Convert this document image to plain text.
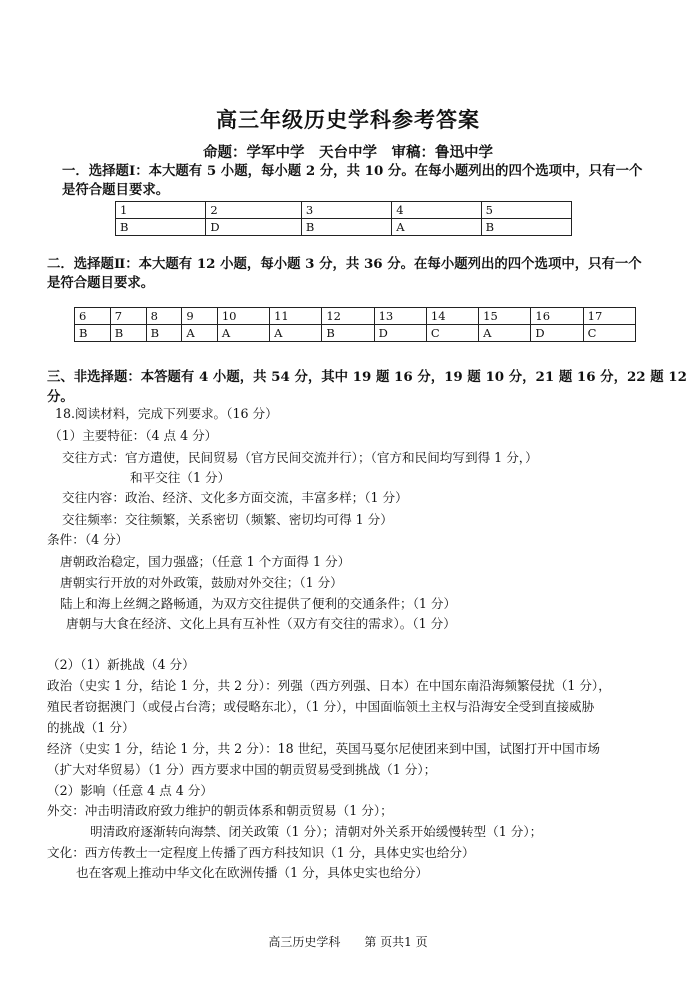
高三年级历史学科参考答案
命题：学军中学　天台中学　审稿：鲁迅中学
一．选择题Ⅰ：本大题有 5 小题，每小题 2 分，共 10 分。在每小题列出的四个选项中，只有一个
是符合题目要求。
1	2	3	4	5
B	D	B	A	B
二．选择题Ⅱ：本大题有 12 小题，每小题 3 分，共 36 分。在每小题列出的四个选项中，只有一个
是符合题目要求。
6	7	8	9	10	11	12	13	14	15	16	17
B	B	B	A	A	A	B	D	C	A	D	C
三、非选择题：本答题有 4 小题，共 54 分，其中 19 题 16 分，19 题 10 分，21 题 16 分，22 题 12
分。
18.阅读材料，完成下列要求。（16 分）
（1）主要特征：（4 点 4 分）
交往方式：官方遣使，民间贸易（官方民间交流并行）；（官方和民间均写到得 1 分，）
和平交往（1 分）
交往内容：政治、经济、文化多方面交流，丰富多样；（1 分）
交往频率：交往频繁，关系密切（频繁、密切均可得 1 分）
条件：（4 分）
唐朝政治稳定，国力强盛；（任意 1 个方面得 1 分）
唐朝实行开放的对外政策，鼓励对外交往；（1 分）
陆上和海上丝绸之路畅通，为双方交往提供了便利的交通条件；（1 分）
唐朝与大食在经济、文化上具有互补性（双方有交往的需求）。（1 分）
（2）（1）新挑战（4 分）
政治（史实 1 分，结论 1 分，共 2 分）：列强（西方列强、日本）在中国东南沿海频繁侵扰（1 分），
殖民者窃据澳门（或侵占台湾；或侵略东北），（1 分），中国面临领土主权与沿海安全受到直接威胁
的挑战（1 分）
经济（史实 1 分，结论 1 分，共 2 分）：18 世纪，英国马戛尔尼使团来到中国，试图打开中国市场
（扩大对华贸易）（1 分）西方要求中国的朝贡贸易受到挑战（1 分）；
（2）影响（任意 4 点 4 分）
外交：冲击明清政府致力维护的朝贡体系和朝贡贸易（1 分）；
明清政府逐渐转向海禁、闭关政策（1 分）；清朝对外关系开始缓慢转型（1 分）；
文化：西方传教士一定程度上传播了西方科技知识（1 分，具体史实也给分）
也在客观上推动中华文化在欧洲传播（1 分，具体史实也给分）
高三历史学科　　第 页共1 页
